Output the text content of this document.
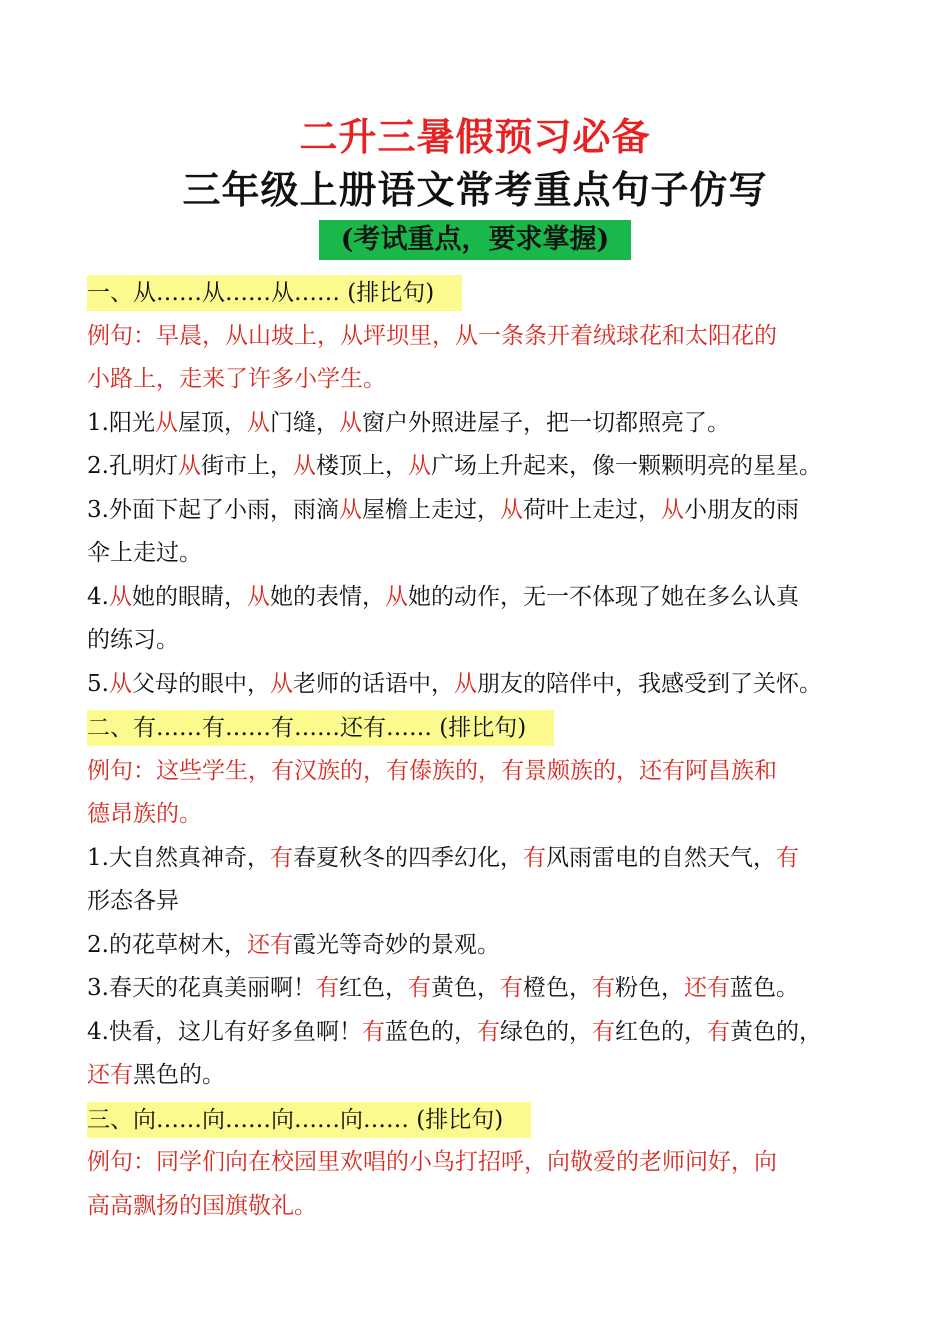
二升三暑假预习必备
三年级上册语文常考重点句子仿写
(考试重点，要求掌握)
一、从……从……从…… (排比句)
例句：早晨，从山坡上，从坪坝里，从一条条开着绒球花和太阳花的
小路上，走来了许多小学生。
1.阳光从屋顶，从门缝，从窗户外照进屋子，把一切都照亮了。
2.孔明灯从街市上，从楼顶上，从广场上升起来，像一颗颗明亮的星星。
3.外面下起了小雨，雨滴从屋檐上走过，从荷叶上走过，从小朋友的雨
伞上走过。
4.从她的眼睛，从她的表情，从她的动作，无一不体现了她在多么认真
的练习。
5.从父母的眼中，从老师的话语中，从朋友的陪伴中，我感受到了关怀。
二、有……有……有……还有…… (排比句)
例句：这些学生，有汉族的，有傣族的，有景颇族的，还有阿昌族和
德昂族的。
1.大自然真神奇，有春夏秋冬的四季幻化，有风雨雷电的自然天气，有
形态各异
2.的花草树木，还有霞光等奇妙的景观。
3.春天的花真美丽啊！有红色，有黄色，有橙色，有粉色，还有蓝色。
4.快看，这儿有好多鱼啊！有蓝色的，有绿色的，有红色的，有黄色的，
还有黑色的。
三、向……向……向……向…… (排比句)
例句：同学们向在校园里欢唱的小鸟打招呼，向敬爱的老师问好，向
高高飘扬的国旗敬礼。
